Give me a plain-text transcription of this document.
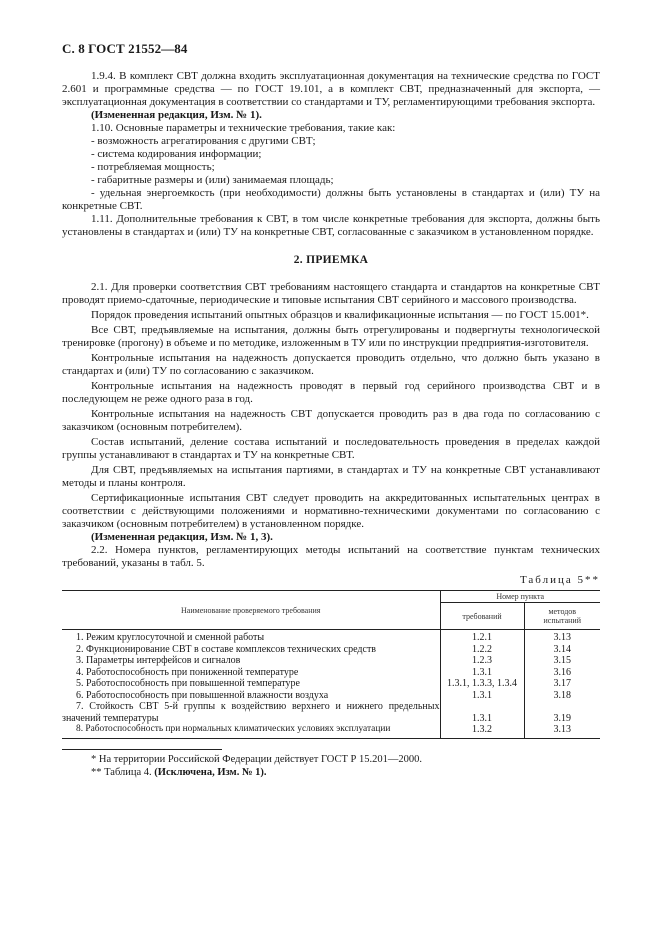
С. 8 ГОСТ 21552—84

1.9.4. В комплект СВТ должна входить эксплуатационная документация на технические средства по ГОСТ 2.601 и программные средства — по ГОСТ 19.101, а в комплект СВТ, предназначенный для экспорта, — эксплуатационная документация в соответствии со стандартами и ТУ, регламентирующими требования экспорта.

(Измененная редакция, Изм. № 1).

1.10. Основные параметры и технические требования, такие как:

- возможность агрегатирования с другими СВТ;

- система кодирования информации;

- потребляемая мощность;

- габаритные размеры и (или) занимаемая площадь;

- удельная энергоемкость (при необходимости) должны быть установлены в стандартах и (или) ТУ на конкретные СВТ.

1.11. Дополнительные требования к СВТ, в том числе конкретные требования для экспорта, должны быть установлены в стандартах и (или) ТУ на конкретные СВТ, согласованные с заказчиком в установленном порядке.

2. ПРИЕМКА

2.1. Для проверки соответствия СВТ требованиям настоящего стандарта и стандартов на конкретные СВТ проводят приемо-сдаточные, периодические и типовые испытания СВТ серийного и массового производства.

Порядок проведения испытаний опытных образцов и квалификационные испытания — по ГОСТ 15.001*.

Все СВТ, предъявляемые на испытания, должны быть отрегулированы и подвергнуты технологической тренировке (прогону) в объеме и по методике, изложенным в ТУ или по инструкции предприятия-изготовителя.

Контрольные испытания на надежность допускается проводить отдельно, что должно быть указано в стандартах и (или) ТУ по согласованию с заказчиком.

Контрольные испытания на надежность проводят в первый год серийного производства СВТ и в последующем не реже одного раза в год.

Контрольные испытания на надежность СВТ допускается проводить раз в два года по согласованию с заказчиком (основным потребителем).

Состав испытаний, деление состава испытаний и последовательность проведения в пределах каждой группы устанавливают в стандартах и ТУ на конкретные СВТ.

Для СВТ, предъявляемых на испытания партиями, в стандартах и ТУ на конкретные СВТ устанавливают методы и планы контроля.

Сертификационные испытания СВТ следует проводить на аккредитованных испытательных центрах в соответствии с действующими положениями и нормативно-техническими документами по согласованию с заказчиком (основным потребителем) в установленном порядке.

(Измененная редакция, Изм. № 1, 3).

2.2. Номера пунктов, регламентирующих методы испытаний на соответствие пунктам технических требований, указаны в табл. 5.

Таблица 5**
Наименование проверяемого требования	Номер пункта	
	требований	методов
испытаний
1. Режим круглосуточной и сменной работы	1.2.1	3.13
2. Функционирование СВТ в составе комплексов технических средств	1.2.2	3.14
3. Параметры интерфейсов и сигналов	1.2.3	3.15
4. Работоспособность при пониженной температуре	1.3.1	3.16
5. Работоспособность при повышенной температуре	1.3.1, 1.3.3, 1.3.4	3.17
6. Работоспособность при повышенной влажности воздуха	1.3.1	3.18
7. Стойкость СВТ 5-й группы к воздействию верхнего и нижнего предельных значений температуры	1.3.1	3.19
8. Работоспособность при нормальных климатических условиях эксплуатации	1.3.2	3.13

* На территории Российской Федерации действует ГОСТ Р 15.201—2000.

** Таблица 4. (Исключена, Изм. № 1).
